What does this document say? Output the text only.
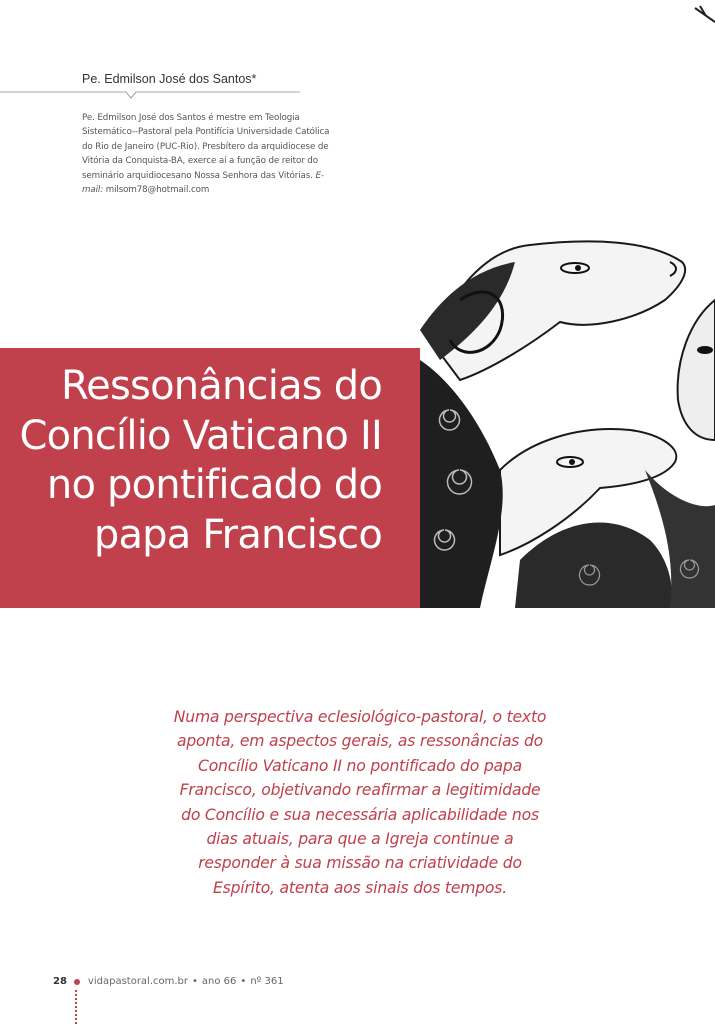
Pe. Edmilson José dos Santos*

Pe. Edmilson José dos Santos é mestre em Teologia Sistemático--Pastoral pela Pontifícia Universidade Católica do Rio de Janeiro (PUC-Rio). Presbítero da arquidiocese de Vitória da Conquista-BA, exerce aí a função de reitor do seminário arquidiocesano Nossa Senhora das Vitórias. E-mail: milsom78@hotmail.com

Ressonâncias do Concílio Vaticano II no pontificado do papa Francisco

Numa perspectiva eclesiológico-pastoral, o texto aponta, em aspectos gerais, as ressonâncias do Concílio Vaticano II no pontificado do papa Francisco, objetivando reafirmar a legitimidade do Concílio e sua necessária aplicabilidade nos dias atuais, para que a Igreja continue a responder à sua missão na criatividade do Espírito, atenta aos sinais dos tempos.

28 vidapastoral.com.br • ano 66 • nº 361
